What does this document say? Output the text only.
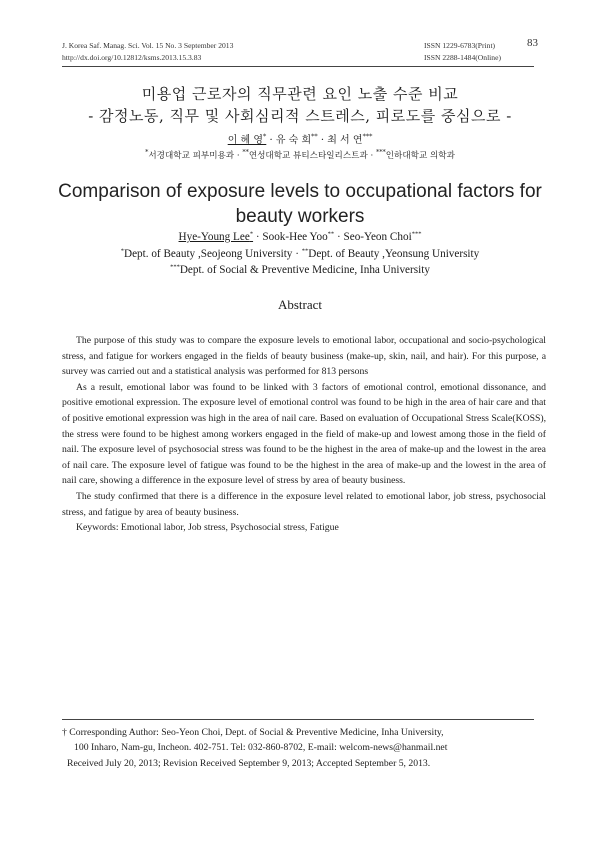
J. Korea Saf. Manag. Sci. Vol. 15 No. 3 September 2013
http://dx.doi.org/10.12812/ksms.2013.15.3.83
ISSN 1229-6783(Print)
ISSN 2288-1484(Online)
83
미용업 근로자의 직무관련 요인 노출 수준 비교
- 감정노동, 직무 및 사회심리적 스트레스, 피로도를 중심으로 -
이 혜 영* · 유 숙 희** · 최 서 연***
*서경대학교 피부미용과 · **연성대학교 뷰티스타일리스트과 · ***인하대학교 의학과
Comparison of exposure levels to occupational factors for
beauty workers
Hye-Young Lee* · Sook-Hee Yoo** · Seo-Yeon Choi***
*Dept. of Beauty ,Seojeong University · **Dept. of Beauty ,Yeonsung University
***Dept. of Social & Preventive Medicine, Inha University
Abstract

The purpose of this study was to compare the exposure levels to emotional labor, occupational and socio-psychological stress, and fatigue for workers engaged in the fields of beauty business (make-up, skin, nail, and hair). For this purpose, a survey was carried out and a statistical analysis was performed for 813 persons

As a result, emotional labor was found to be linked with 3 factors of emotional control, emotional dissonance, and positive emotional expression. The exposure level of emotional control was found to be high in the area of hair care and that of positive emotional expression was high in the area of nail care. Based on evaluation of Occupational Stress Scale(KOSS), the stress were found to be highest among workers engaged in the field of make-up and lowest among those in the field of nail. The exposure level of psychosocial stress was found to be the highest in the area of make-up and the lowest in the area of nail care. The exposure level of fatigue was found to be the highest in the area of make-up and the lowest in the area of nail care, showing a difference in the exposure level of stress by area of beauty business.

The study confirmed that there is a difference in the exposure level related to emotional labor, job stress, psychosocial stress, and fatigue by area of beauty business.

Keywords: Emotional labor, Job stress, Psychosocial stress, Fatigue

† Corresponding Author: Seo-Yeon Choi, Dept. of Social & Preventive Medicine, Inha University,
100 Inharo, Nam-gu, Incheon. 402-751. Tel: 032-860-8702, E-mail: welcom-news@hanmail.net
Received July 20, 2013; Revision Received September 9, 2013; Accepted September 5, 2013.
